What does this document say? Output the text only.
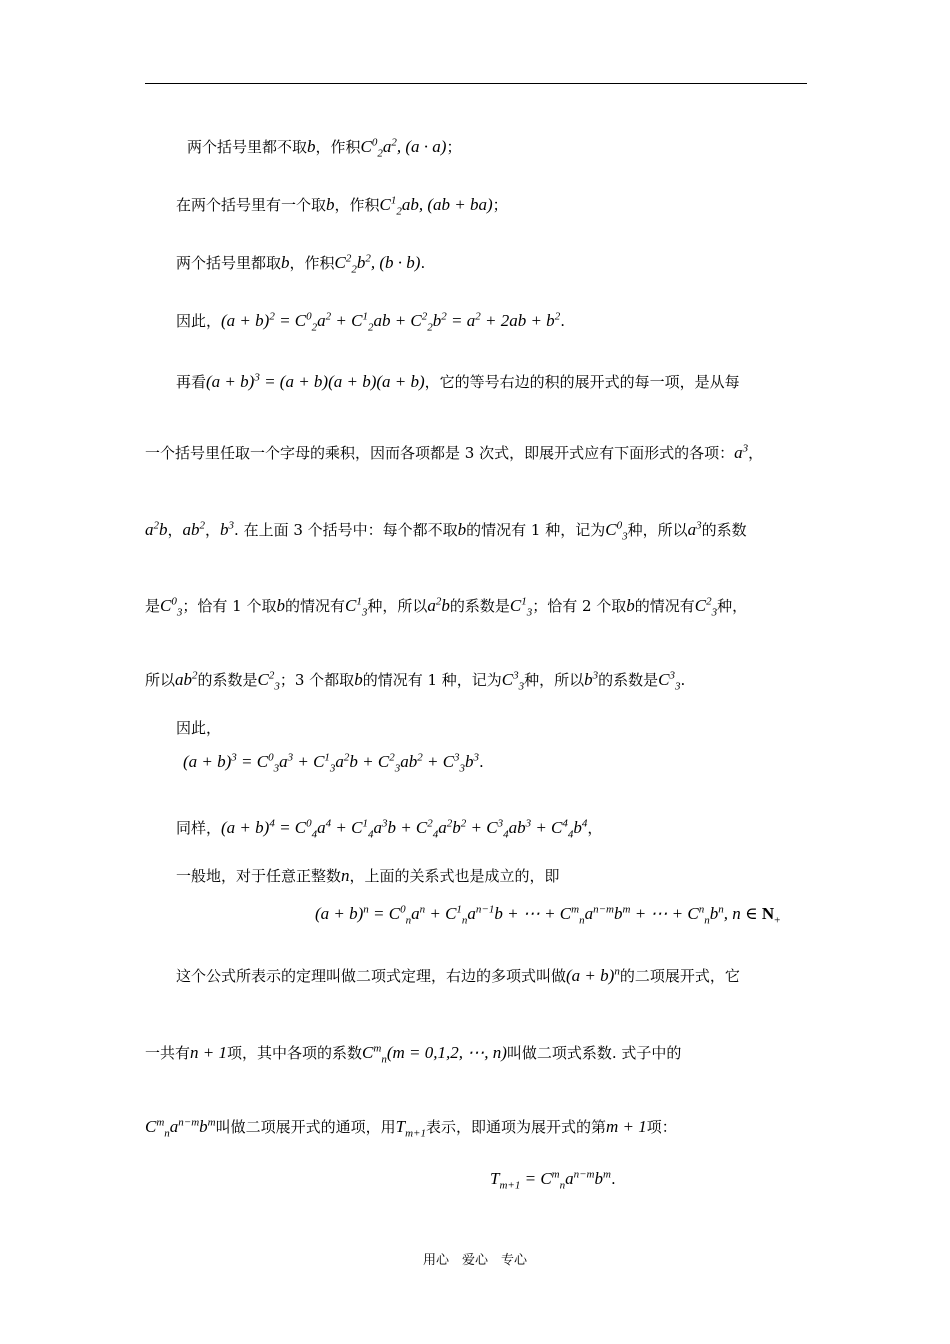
两个括号里都不取b，作积$C^0_2a^2$, (a · a)；
在两个括号里有一个取b，作积$C^1_2ab$, (ab + ba)；
两个括号里都取b，作积$C^2_2b^2$, (b · b).
因此，$(a + b)^2 = C^0_2a^2 + C^1_2ab + C^2_2b^2 = a^2 + 2ab + b^2$.
再看$(a + b)^3 = (a + b)(a + b)(a + b)$，它的等号右边的积的展开式的每一项，是从每
一个括号里任取一个字母的乘积，因而各项都是 3 次式，即展开式应有下面形式的各项：$a^3$，
$a^2b$，$ab^2$，$b^3$. 在上面 3 个括号中：每个都不取b的情况有 1 种，记为$C^0_3$种，所以$a^3$的系数
是$C^0_3$；恰有 1 个取b的情况有$C^1_3$种，所以$a^2b$的系数是$C^1_3$；恰有 2 个取b的情况有$C^2_3$种，
所以$ab^2$的系数是$C^2_3$；3 个都取b的情况有 1 种，记为$C^3_3$种，所以$b^3$的系数是$C^3_3$.
因此，
$(a + b)^3 = C^0_3a^3 + C^1_3a^2b + C^2_3ab^2 + C^3_3b^3$.
同样，$(a + b)^4 = C^0_4a^4 + C^1_4a^3b + C^2_4a^2b^2 + C^3_4ab^3 + C^4_4b^4$，
一般地，对于任意正整数n，上面的关系式也是成立的，即
$(a + b)^n = C^0_na^n + C^1_na^{n-1}b$ + ⋯ + $C^m_na^{n-m}b^m$ + ⋯ + $C^n_nb^n$, n ∈ $N_+$
这个公式所表示的定理叫做二项式定理，右边的多项式叫做$(a + b)^n$的二项展开式，它
一共有n + 1项，其中各项的系数$C^m_n(m = 0,1,2$, ⋯, n)叫做二项式系数. 式子中的
$C^m_na^{n-m}b^m$叫做二项展开式的通项，用$T_{m+1}$表示，即通项为展开式的第m + 1项：
$T_{m+1} = C^m_na^{n-m}b^m$.
用心　爱心　专心
